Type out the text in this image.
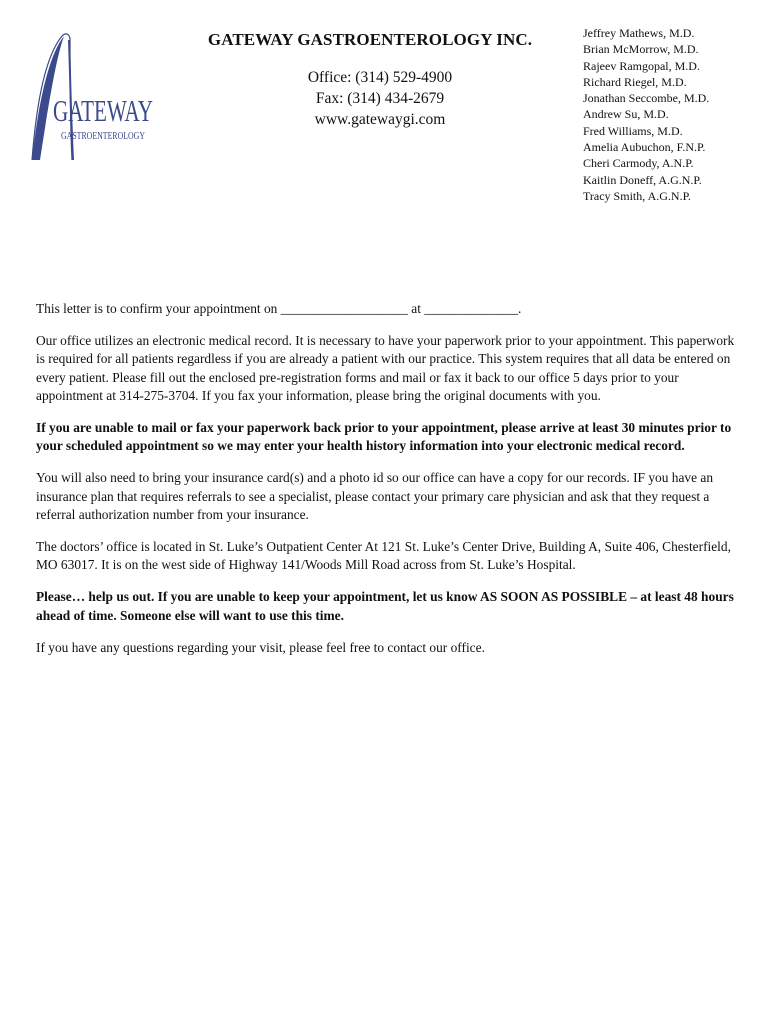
GATEWAY
GASTROENTEROLOGY
GATEWAY GASTROENTEROLOGY INC.
Office: (314) 529-4900
Fax: (314) 434-2679
www.gatewaygi.com
Jeffrey Mathews, M.D.
Brian McMorrow, M.D.
Rajeev Ramgopal, M.D.
Richard Riegel, M.D.
Jonathan Seccombe, M.D.
Andrew Su, M.D.
Fred Williams, M.D.
Amelia Aubuchon, F.N.P.
Cheri Carmody, A.N.P.
Kaitlin Doneff, A.G.N.P.
Tracy Smith, A.G.N.P.

This letter is to confirm your appointment on ___________________ at ______________.

Our office utilizes an electronic medical record. It is necessary to have your paperwork prior to your appointment. This paperwork is required for all patients regardless if you are already a patient with our practice. This system requires that all data be entered on every patient. Please fill out the enclosed pre-registration forms and mail or fax it back to our office 5 days prior to your appointment at 314-275-3704. If you fax your information, please bring the original documents with you.

If you are unable to mail or fax your paperwork back prior to your appointment, please arrive at least 30 minutes prior to your scheduled appointment so we may enter your health history information into your electronic medical record.

You will also need to bring your insurance card(s) and a photo id so our office can have a copy for our records. IF you have an insurance plan that requires referrals to see a specialist, please contact your primary care physician and ask that they request a referral authorization number from your insurance.

The doctors’ office is located in St. Luke’s Outpatient Center At 121 St. Luke’s Center Drive, Building A, Suite 406, Chesterfield, MO 63017. It is on the west side of Highway 141/Woods Mill Road across from St. Luke’s Hospital.

Please… help us out. If you are unable to keep your appointment, let us know AS SOON AS POSSIBLE – at least 48 hours ahead of time. Someone else will want to use this time.

If you have any questions regarding your visit, please feel free to contact our office.
